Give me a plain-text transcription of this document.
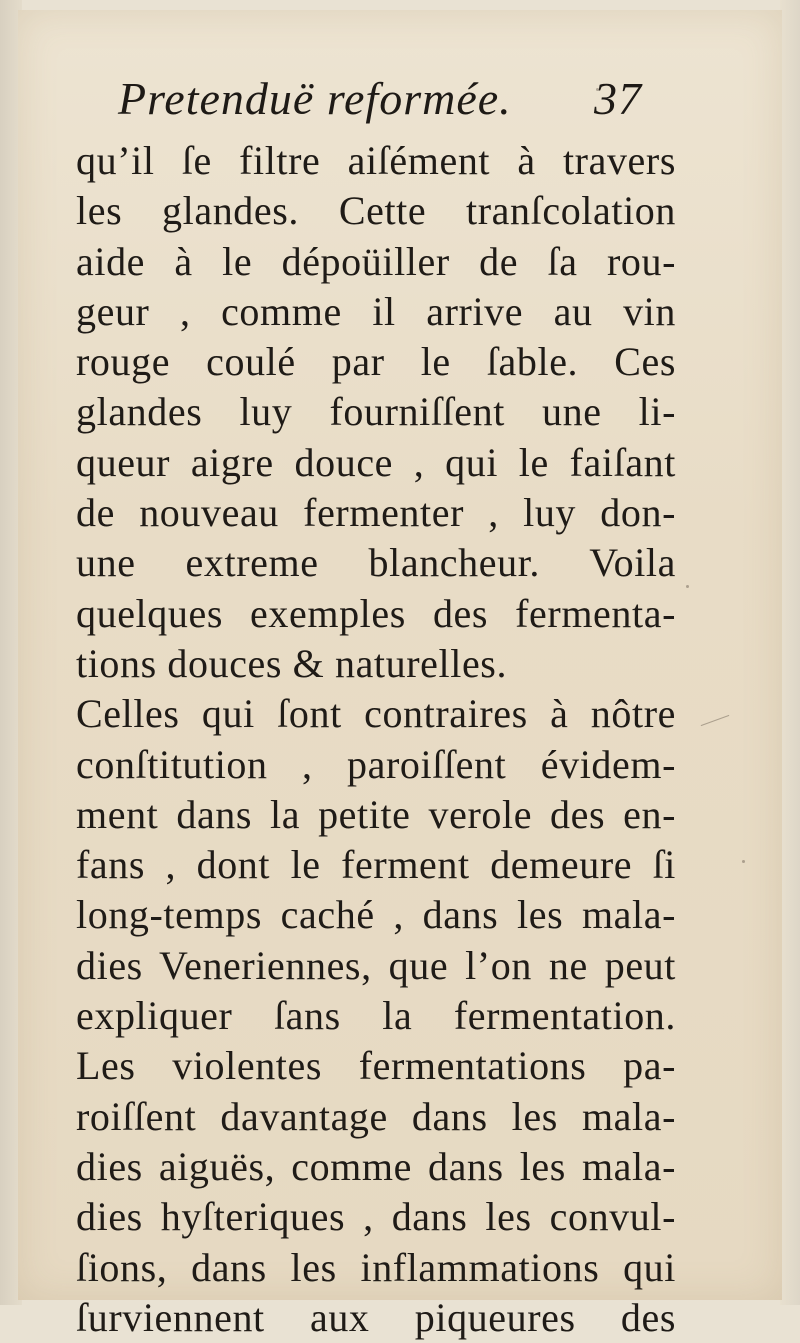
Pretenduë reformée. 37
qu’il ſe filtre aiſément à travers
les glandes. Cette tranſcolation
aide à le dépoüiller de ſa rou-
geur , comme il arrive au vin
rouge coulé par le ſable. Ces
glandes luy fourniſſent une li-
queur aigre douce , qui le faiſant
de nouveau fermenter , luy don-
une extreme blancheur. Voila
quelques exemples des fermenta-
tions douces & naturelles.
Celles qui ſont contraires à nôtre
conſtitution , paroiſſent évidem-
ment dans la petite verole des en-
fans , dont le ferment demeure ſi
long-temps caché , dans les mala-
dies Veneriennes, que l’on ne peut
expliquer ſans la fermentation.
Les violentes fermentations pa-
roiſſent davantage dans les mala-
dies aiguës, comme dans les mala-
dies hyſteriques , dans les convul-
ſions, dans les inflammations qui
ſurviennent aux piqueures des
